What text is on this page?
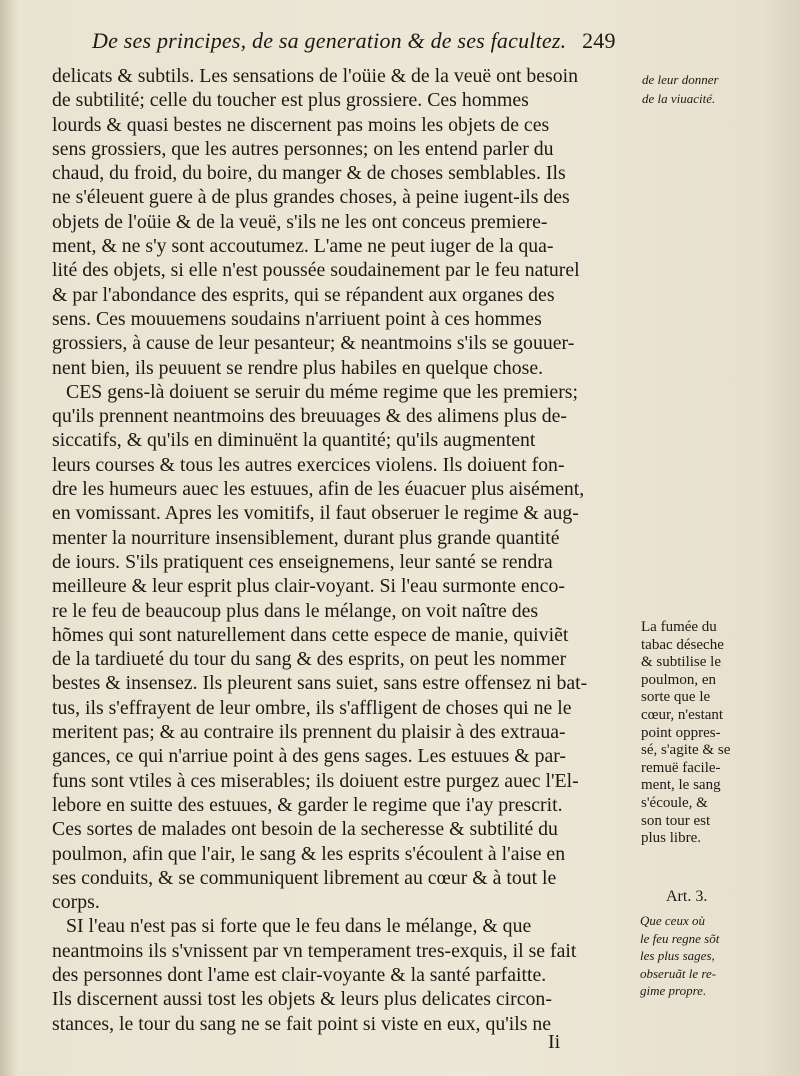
De ses principes, de sa generation & de ses facultez. 249
delicats & subtils. Les sensations de l'oüie & de la veuë ont besoin
de subtilité; celle du toucher est plus grossiere. Ces hommes
lourds & quasi bestes ne discernent pas moins les objets de ces
sens grossiers, que les autres personnes; on les entend parler du
chaud, du froid, du boire, du manger & de choses semblables. Ils
ne s'éleuent guere à de plus grandes choses, à peine iugent-ils des
objets de l'oüie & de la veuë, s'ils ne les ont conceus premiere-
ment, & ne s'y sont accoutumez. L'ame ne peut iuger de la qua-
lité des objets, si elle n'est poussée soudainement par le feu naturel
& par l'abondance des esprits, qui se répandent aux organes des
sens. Ces mouuemens soudains n'arriuent point à ces hommes
grossiers, à cause de leur pesanteur; & neantmoins s'ils se gouuer-
nent bien, ils peuuent se rendre plus habiles en quelque chose.
CES gens-là doiuent se seruir du méme regime que les premiers;
qu'ils prennent neantmoins des breuuages & des alimens plus de-
siccatifs, & qu'ils en diminuënt la quantité; qu'ils augmentent
leurs courses & tous les autres exercices violens. Ils doiuent fon-
dre les humeurs auec les estuues, afin de les éuacuer plus aisément,
en vomissant. Apres les vomitifs, il faut obseruer le regime & aug-
menter la nourriture insensiblement, durant plus grande quantité
de iours. S'ils pratiquent ces enseignemens, leur santé se rendra
meilleure & leur esprit plus clair-voyant. Si l'eau surmonte enco-
re le feu de beaucoup plus dans le mélange, on voit naître des
hõmes qui sont naturellement dans cette espece de manie, quiviẽt
de la tardiueté du tour du sang & des esprits, on peut les nommer
bestes & insensez. Ils pleurent sans suiet, sans estre offensez ni bat-
tus, ils s'effrayent de leur ombre, ils s'affligent de choses qui ne le
meritent pas; & au contraire ils prennent du plaisir à des extraua-
gances, ce qui n'arriue point à des gens sages. Les estuues & par-
funs sont vtiles à ces miserables; ils doiuent estre purgez auec l'El-
lebore en suitte des estuues, & garder le regime que i'ay prescrit.
Ces sortes de malades ont besoin de la secheresse & subtilité du
poulmon, afin que l'air, le sang & les esprits s'écoulent à l'aise en
ses conduits, & se communiquent librement au cœur & à tout le
corps.
SI l'eau n'est pas si forte que le feu dans le mélange, & que
neantmoins ils s'vnissent par vn temperament tres-exquis, il se fait
des personnes dont l'ame est clair-voyante & la santé parfaitte.
Ils discernent aussi tost les objets & leurs plus delicates circon-
stances, le tour du sang ne se fait point si viste en eux, qu'ils ne
de leur donner
de la viuacité.
La fumée du
tabac déseche
& subtilise le
poulmon, en
sorte que le
cœur, n'estant
point oppres-
sé, s'agite & se
remuë facile-
ment, le sang
s'écoule, &
son tour est
plus libre.
Art. 3.
Que ceux où
le feu regne sõt
les plus sages,
obseruãt le re-
gime propre.
Ii
